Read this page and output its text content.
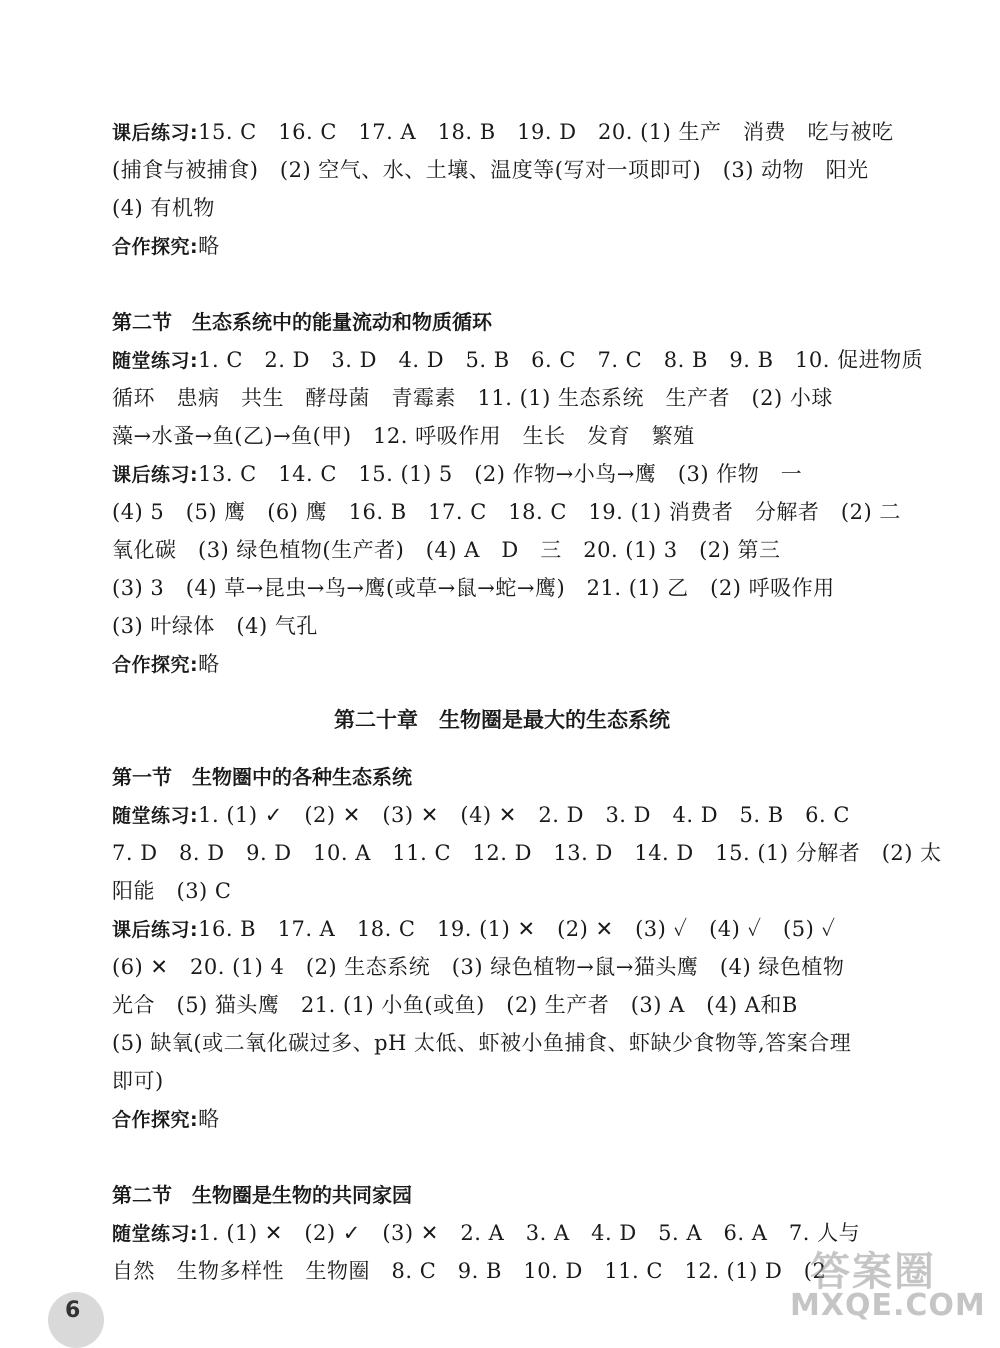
课后练习:15. C　16. C　17. A　18. B　19. D　20. (1) 生产　消费　吃与被吃
(捕食与被捕食)　(2) 空气、水、土壤、温度等(写对一项即可)　(3) 动物　阳光
(4) 有机物
合作探究:略
第二节　生态系统中的能量流动和物质循环
随堂练习:1. C　2. D　3. D　4. D　5. B　6. C　7. C　8. B　9. B　10. 促进物质
循环　患病　共生　酵母菌　青霉素　11. (1) 生态系统　生产者　(2) 小球
藻→水蚤→鱼(乙)→鱼(甲)　12. 呼吸作用　生长　发育　繁殖
课后练习:13. C　14. C　15. (1) 5　(2) 作物→小鸟→鹰　(3) 作物　一
(4) 5　(5) 鹰　(6) 鹰　16. B　17. C　18. C　19. (1) 消费者　分解者　(2) 二
氧化碳　(3) 绿色植物(生产者)　(4) A　D　三　20. (1) 3　(2) 第三
(3) 3　(4) 草→昆虫→鸟→鹰(或草→鼠→蛇→鹰)　21. (1) 乙　(2) 呼吸作用
(3) 叶绿体　(4) 气孔
合作探究:略
第二十章　生物圈是最大的生态系统
第一节　生物圈中的各种生态系统
随堂练习:1. (1) ✓　(2) ✕　(3) ✕　(4) ✕　2. D　3. D　4. D　5. B　6. C
7. D　8. D　9. D　10. A　11. C　12. D　13. D　14. D　15. (1) 分解者　(2) 太
阳能　(3) C
课后练习:16. B　17. A　18. C　19. (1) ✕　(2) ✕　(3) ✓　(4) ✓　(5) ✓
(6) ✕　20. (1) 4　(2) 生态系统　(3) 绿色植物→鼠→猫头鹰　(4) 绿色植物
光合　(5) 猫头鹰　21. (1) 小鱼(或鱼)　(2) 生产者　(3) A　(4) A和B
(5) 缺氧(或二氧化碳过多、pH 太低、虾被小鱼捕食、虾缺少食物等,答案合理
即可)
合作探究:略
第二节　生物圈是生物的共同家园
随堂练习:1. (1) ✕　(2) ✓　(3) ✕　2. A　3. A　4. D　5. A　6. A　7. 人与
自然　生物多样性　生物圈　8. C　9. B　10. D　11. C　12. (1) D　(2
6
答案圈
MXQE.COM
